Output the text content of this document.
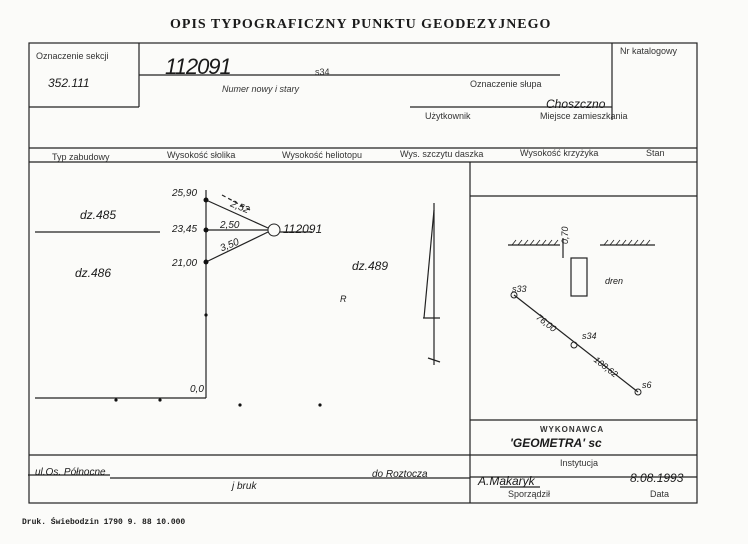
OPIS TYPOGRAFICZNY PUNKTU GEODEZYJNEGO
Oznaczenie sekcji
352.111
Nr katalogowy
112091	s34
Numer nowy i stary	Oznaczenie słupa
Choszczno
Użytkownik	Miejsce zamieszkania
Typ zabudowy	Wysokość słolika	Wysokość heliotopu	Wys. szczytu daszka	Wysokość krzyżyka	Stan
dz.485
dz.486	dz.489
25,90
23,45
21,00
0,0
2,52
2,50
3,50
112091
R
ul.Os. Północne
j bruk
do Roztocza
0,70
dren
s33
s34
s6
76,00
108,62
WYKONAWCA
'GEOMETRA' sc
Instytucja
A.Makaryk	8.08.1993
Sporządził	Data
Druk. Świebodzin 1790 9. 88 10.000
